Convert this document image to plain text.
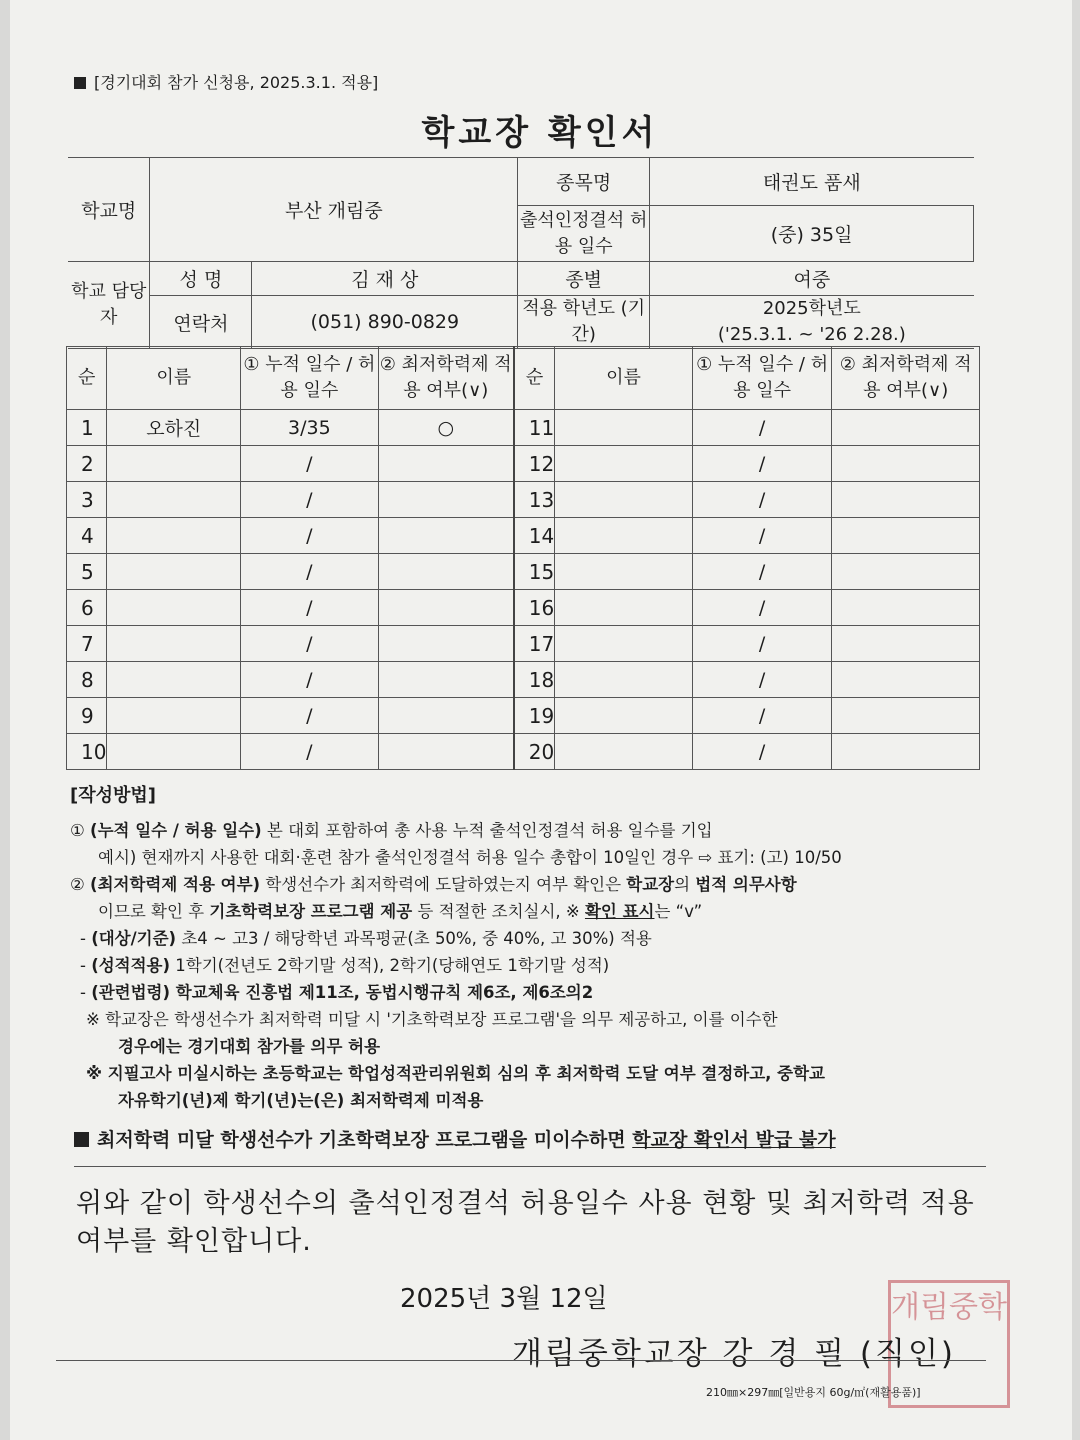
[경기대회 참가 신청용, 2025.3.1. 적용]
학교장 확인서
학교명	부산 개림중		종목명	태권도 품새
			출석인정결석 허용 일수	(중) 35일
학교 담당자	성 명	김 재 상	종별	여중
	연락처	(051) 890-0829	적용 학년도 (기간)	2025학년도
('25.3.1. ~ '26 2.28.)
순	이름	① 누적 일수 / 허용 일수	② 최저학력제 적용 여부(∨)	순	이름	① 누적 일수 / 허용 일수	② 최저학력제 적용 여부(∨)
1	오하진	3/35	○	11		/	
2		/		12		/	
3		/		13		/	
4		/		14		/	
5		/		15		/	
6		/		16		/	
7		/		17		/	
8		/		18		/	
9		/		19		/	
10		/		20		/	
[작성방법]
① (누적 일수 / 허용 일수) 본 대회 포함하여 총 사용 누적 출석인정결석 허용 일수를 기입
예시) 현재까지 사용한 대회·훈련 참가 출석인정결석 허용 일수 총합이 10일인 경우 ⇨ 표기: (고) 10/50
② (최저학력제 적용 여부) 학생선수가 최저학력에 도달하였는지 여부 확인은 학교장의 법적 의무사항
이므로 확인 후 기초학력보장 프로그램 제공 등 적절한 조치실시, ※ 확인 표시는 “v”
- (대상/기준) 초4 ~ 고3 / 해당학년 과목평균(초 50%, 중 40%, 고 30%) 적용
- (성적적용) 1학기(전년도 2학기말 성적), 2학기(당해연도 1학기말 성적)
- (관련법령) 학교체육 진흥법 제11조, 동법시행규칙 제6조, 제6조의2
※ 학교장은 학생선수가 최저학력 미달 시 '기초학력보장 프로그램'을 의무 제공하고, 이를 이수한
경우에는 경기대회 참가를 의무 허용
※ 지필고사 미실시하는 초등학교는 학업성적관리위원회 심의 후 최저학력 도달 여부 결정하고, 중학교
자유학기(년)제 학기(년)는(은) 최저학력제 미적용
최저학력 미달 학생선수가 기초학력보장 프로그램을 미이수하면 학교장 확인서 발급 불가
위와 같이 학생선수의 출석인정결석 허용일수 사용 현황 및 최저학력 적용 여부를 확인합니다.
2025년 3월 12일	개림중학
개림중학교장 강 경 필 (직인)
210㎜×297㎜[일반용지 60g/㎡(재활용품)]
